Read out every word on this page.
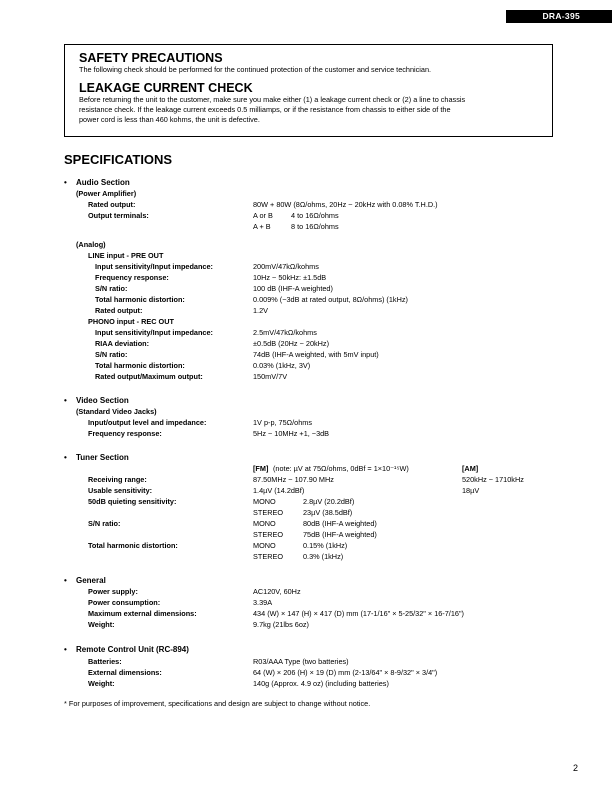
DRA-395
SAFETY PRECAUTIONS

The following check should be performed for the continued protection of the customer and service technician.

LEAKAGE CURRENT CHECK

Before returning the unit to the customer, make sure you make either (1) a leakage current check or (2) a line to chassis

resistance check. If the leakage current exceeds 0.5 milliamps, or if the resistance from chassis to either side of the

power cord is less than 460 kohms, the unit is defective.

SPECIFICATIONS
• Audio Section
(Power Amplifier)
Rated output:	80W + 80W (8Ω/ohms, 20Hz ~ 20kHz with 0.08% T.H.D.)
Output terminals:	A or B 4 to 16Ω/ohms
A + B	8 to 16Ω/ohms
(Analog)
LINE input - PRE OUT
Input sensitivity/Input impedance:	200mV/47kΩ/kohms
Frequency response:	10Hz ~ 50kHz: ±1.5dB
S/N ratio:	100 dB (IHF-A weighted)
Total harmonic distortion:	0.009% (−3dB at rated output, 8Ω/ohms) (1kHz)
Rated output:	1.2V
PHONO input - REC OUT
Input sensitivity/Input impedance:	2.5mV/47kΩ/kohms
RIAA deviation:	±0.5dB (20Hz ~ 20kHz)
S/N ratio:	74dB (IHF-A weighted, with 5mV input)
Total harmonic distortion:	0.03% (1kHz, 3V)
Rated output/Maximum output:	150mV/7V
• Video Section
(Standard Video Jacks)
Input/output level and impedance:	1V p-p, 75Ω/ohms
Frequency response:	5Hz ~ 10MHz +1, −3dB
• Tuner Section
[FM] (note: µV at 75Ω/ohms, 0dBf = 1×10⁻¹⁵W)	[AM]
Receiving range:	87.50MHz ~ 107.90 MHz	520kHz ~ 1710kHz
Usable sensitivity:	1.4µV (14.2dBf)	18µV
50dB quieting sensitivity:	MONO	2.8µV (20.2dBf)
STEREO	23µV (38.5dBf)
S/N ratio:	MONO	80dB (IHF-A weighted)
STEREO	75dB (IHF-A weighted)
Total harmonic distortion:	MONO	0.15% (1kHz)
STEREO	0.3% (1kHz)
• General
Power supply:	AC120V, 60Hz
Power consumption:	3.39A
Maximum external dimensions:	434 (W) × 147 (H) × 417 (D) mm (17-1/16" × 5-25/32" × 16-7/16")
Weight:	9.7kg (21lbs 6oz)
• Remote Control Unit (RC-894)
Batteries:	R03/AAA Type (two batteries)
External dimensions:	64 (W) × 206 (H) × 19 (D) mm (2-13/64" × 8-9/32" × 3/4")
Weight:	140g (Approx. 4.9 oz) (including batteries)
* For purposes of improvement, specifications and design are subject to change without notice.
2
